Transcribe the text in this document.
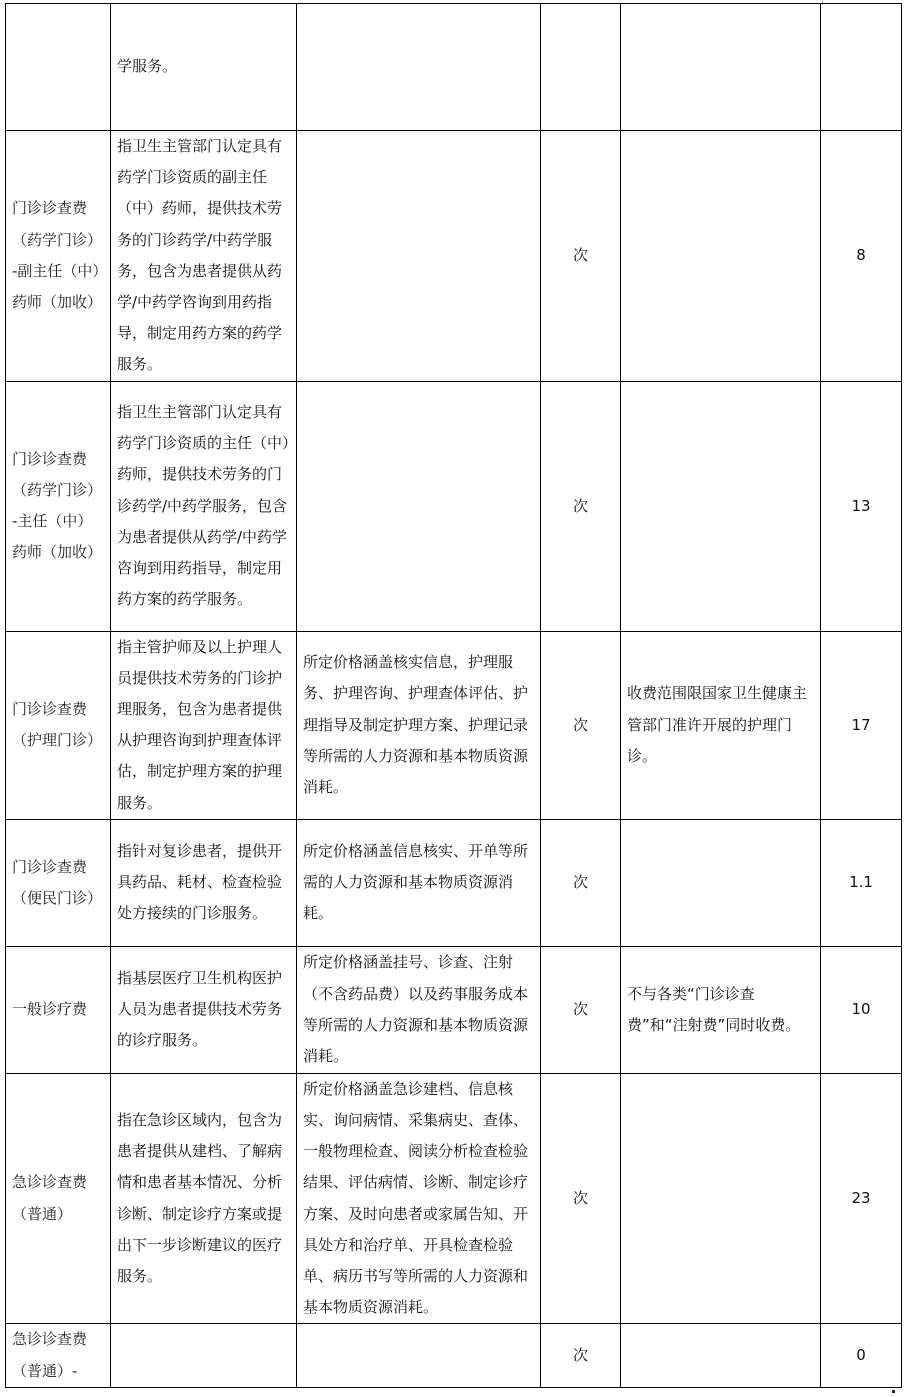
	学服务。				
门诊诊查费（药学门诊）-副主任（中）药师（加收）	指卫生主管部门认定具有药学门诊资质的副主任（中）药师，提供技术劳务的门诊药学/中药学服务，包含为患者提供从药学/中药学咨询到用药指导，制定用药方案的药学服务。		次		8
门诊诊查费（药学门诊）-主任（中）药师（加收）	指卫生主管部门认定具有药学门诊资质的主任（中）药师，提供技术劳务的门诊药学/中药学服务，包含为患者提供从药学/中药学咨询到用药指导，制定用药方案的药学服务。		次		13
门诊诊查费（护理门诊）	指主管护师及以上护理人员提供技术劳务的门诊护理服务，包含为患者提供从护理咨询到护理查体评估，制定护理方案的护理服务。	所定价格涵盖核实信息，护理服务、护理咨询、护理查体评估、护理指导及制定护理方案、护理记录等所需的人力资源和基本物质资源消耗。	次	收费范围限国家卫生健康主管部门准许开展的护理门诊。	17
门诊诊查费（便民门诊）	指针对复诊患者，提供开具药品、耗材、检查检验处方接续的门诊服务。	所定价格涵盖信息核实、开单等所需的人力资源和基本物质资源消耗。	次		1.1
一般诊疗费	指基层医疗卫生机构医护人员为患者提供技术劳务的诊疗服务。	所定价格涵盖挂号、诊查、注射（不含药品费）以及药事服务成本等所需的人力资源和基本物质资源消耗。	次	不与各类“门诊诊查费”和“注射费”同时收费。	10
急诊诊查费（普通）	指在急诊区域内，包含为患者提供从建档、了解病情和患者基本情况、分析诊断、制定诊疗方案或提出下一步诊断建议的医疗服务。	所定价格涵盖急诊建档、信息核实、询问病情、采集病史、查体、一般物理检查、阅读分析检查检验结果、评估病情、诊断、制定诊疗方案、及时向患者或家属告知、开具处方和治疗单、开具检查检验单、病历书写等所需的人力资源和基本物质资源消耗。	次		23
急诊诊查费（普通）-			次		0
